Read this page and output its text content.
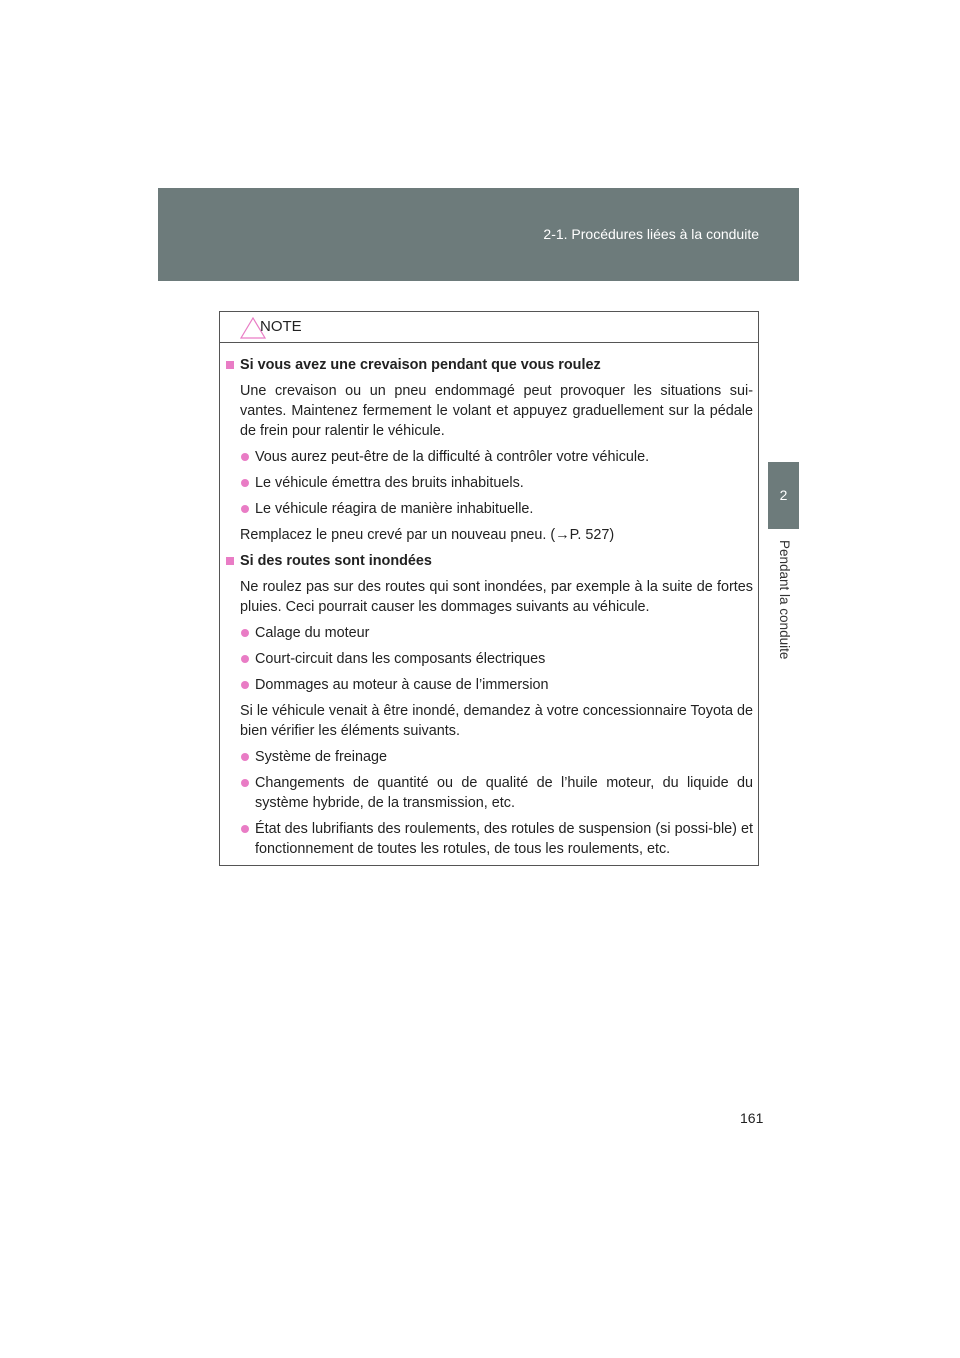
2-1. Procédures liées à la conduite
2
Pendant la conduite
NOTE
Si vous avez une crevaison pendant que vous roulez
Une crevaison ou un pneu endommagé peut provoquer les situations sui-vantes. Maintenez fermement le volant et appuyez graduellement sur la pédale de frein pour ralentir le véhicule.
Vous aurez peut-être de la difficulté à contrôler votre véhicule.
Le véhicule émettra des bruits inhabituels.
Le véhicule réagira de manière inhabituelle.
Remplacez le pneu crevé par un nouveau pneu. (→P. 527)
Si des routes sont inondées
Ne roulez pas sur des routes qui sont inondées, par exemple à la suite de fortes pluies. Ceci pourrait causer les dommages suivants au véhicule.
Calage du moteur
Court-circuit dans les composants électriques
Dommages au moteur à cause de l’immersion
Si le véhicule venait à être inondé, demandez à votre concessionnaire Toyota de bien vérifier les éléments suivants.
Système de freinage
Changements de quantité ou de qualité de l’huile moteur, du liquide du système hybride, de la transmission, etc.
État des lubrifiants des roulements, des rotules de suspension (si possi-ble) et fonctionnement de toutes les rotules, de tous les roulements, etc.
161
